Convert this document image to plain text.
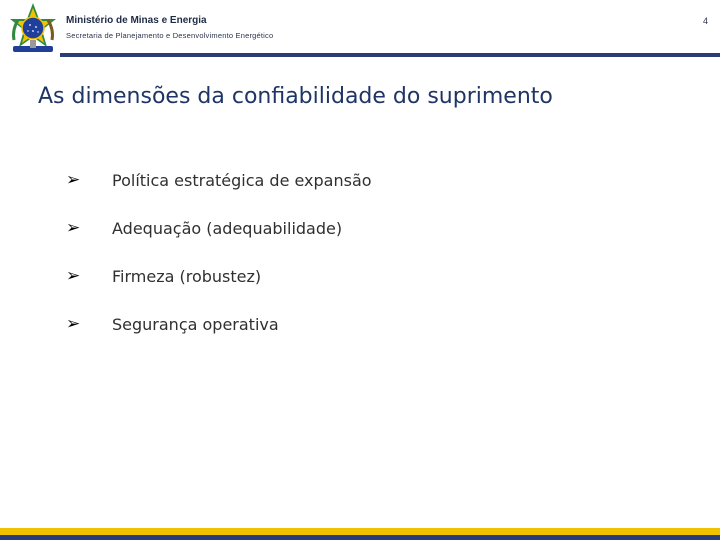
Ministério de Minas e Energia
Secretaria de Planejamento e Desenvolvimento Energético
4
As dimensões da confiabilidade do suprimento
➢	Política estratégica de expansão
➢	Adequação (adequabilidade)
➢	Firmeza (robustez)
➢	Segurança operativa
